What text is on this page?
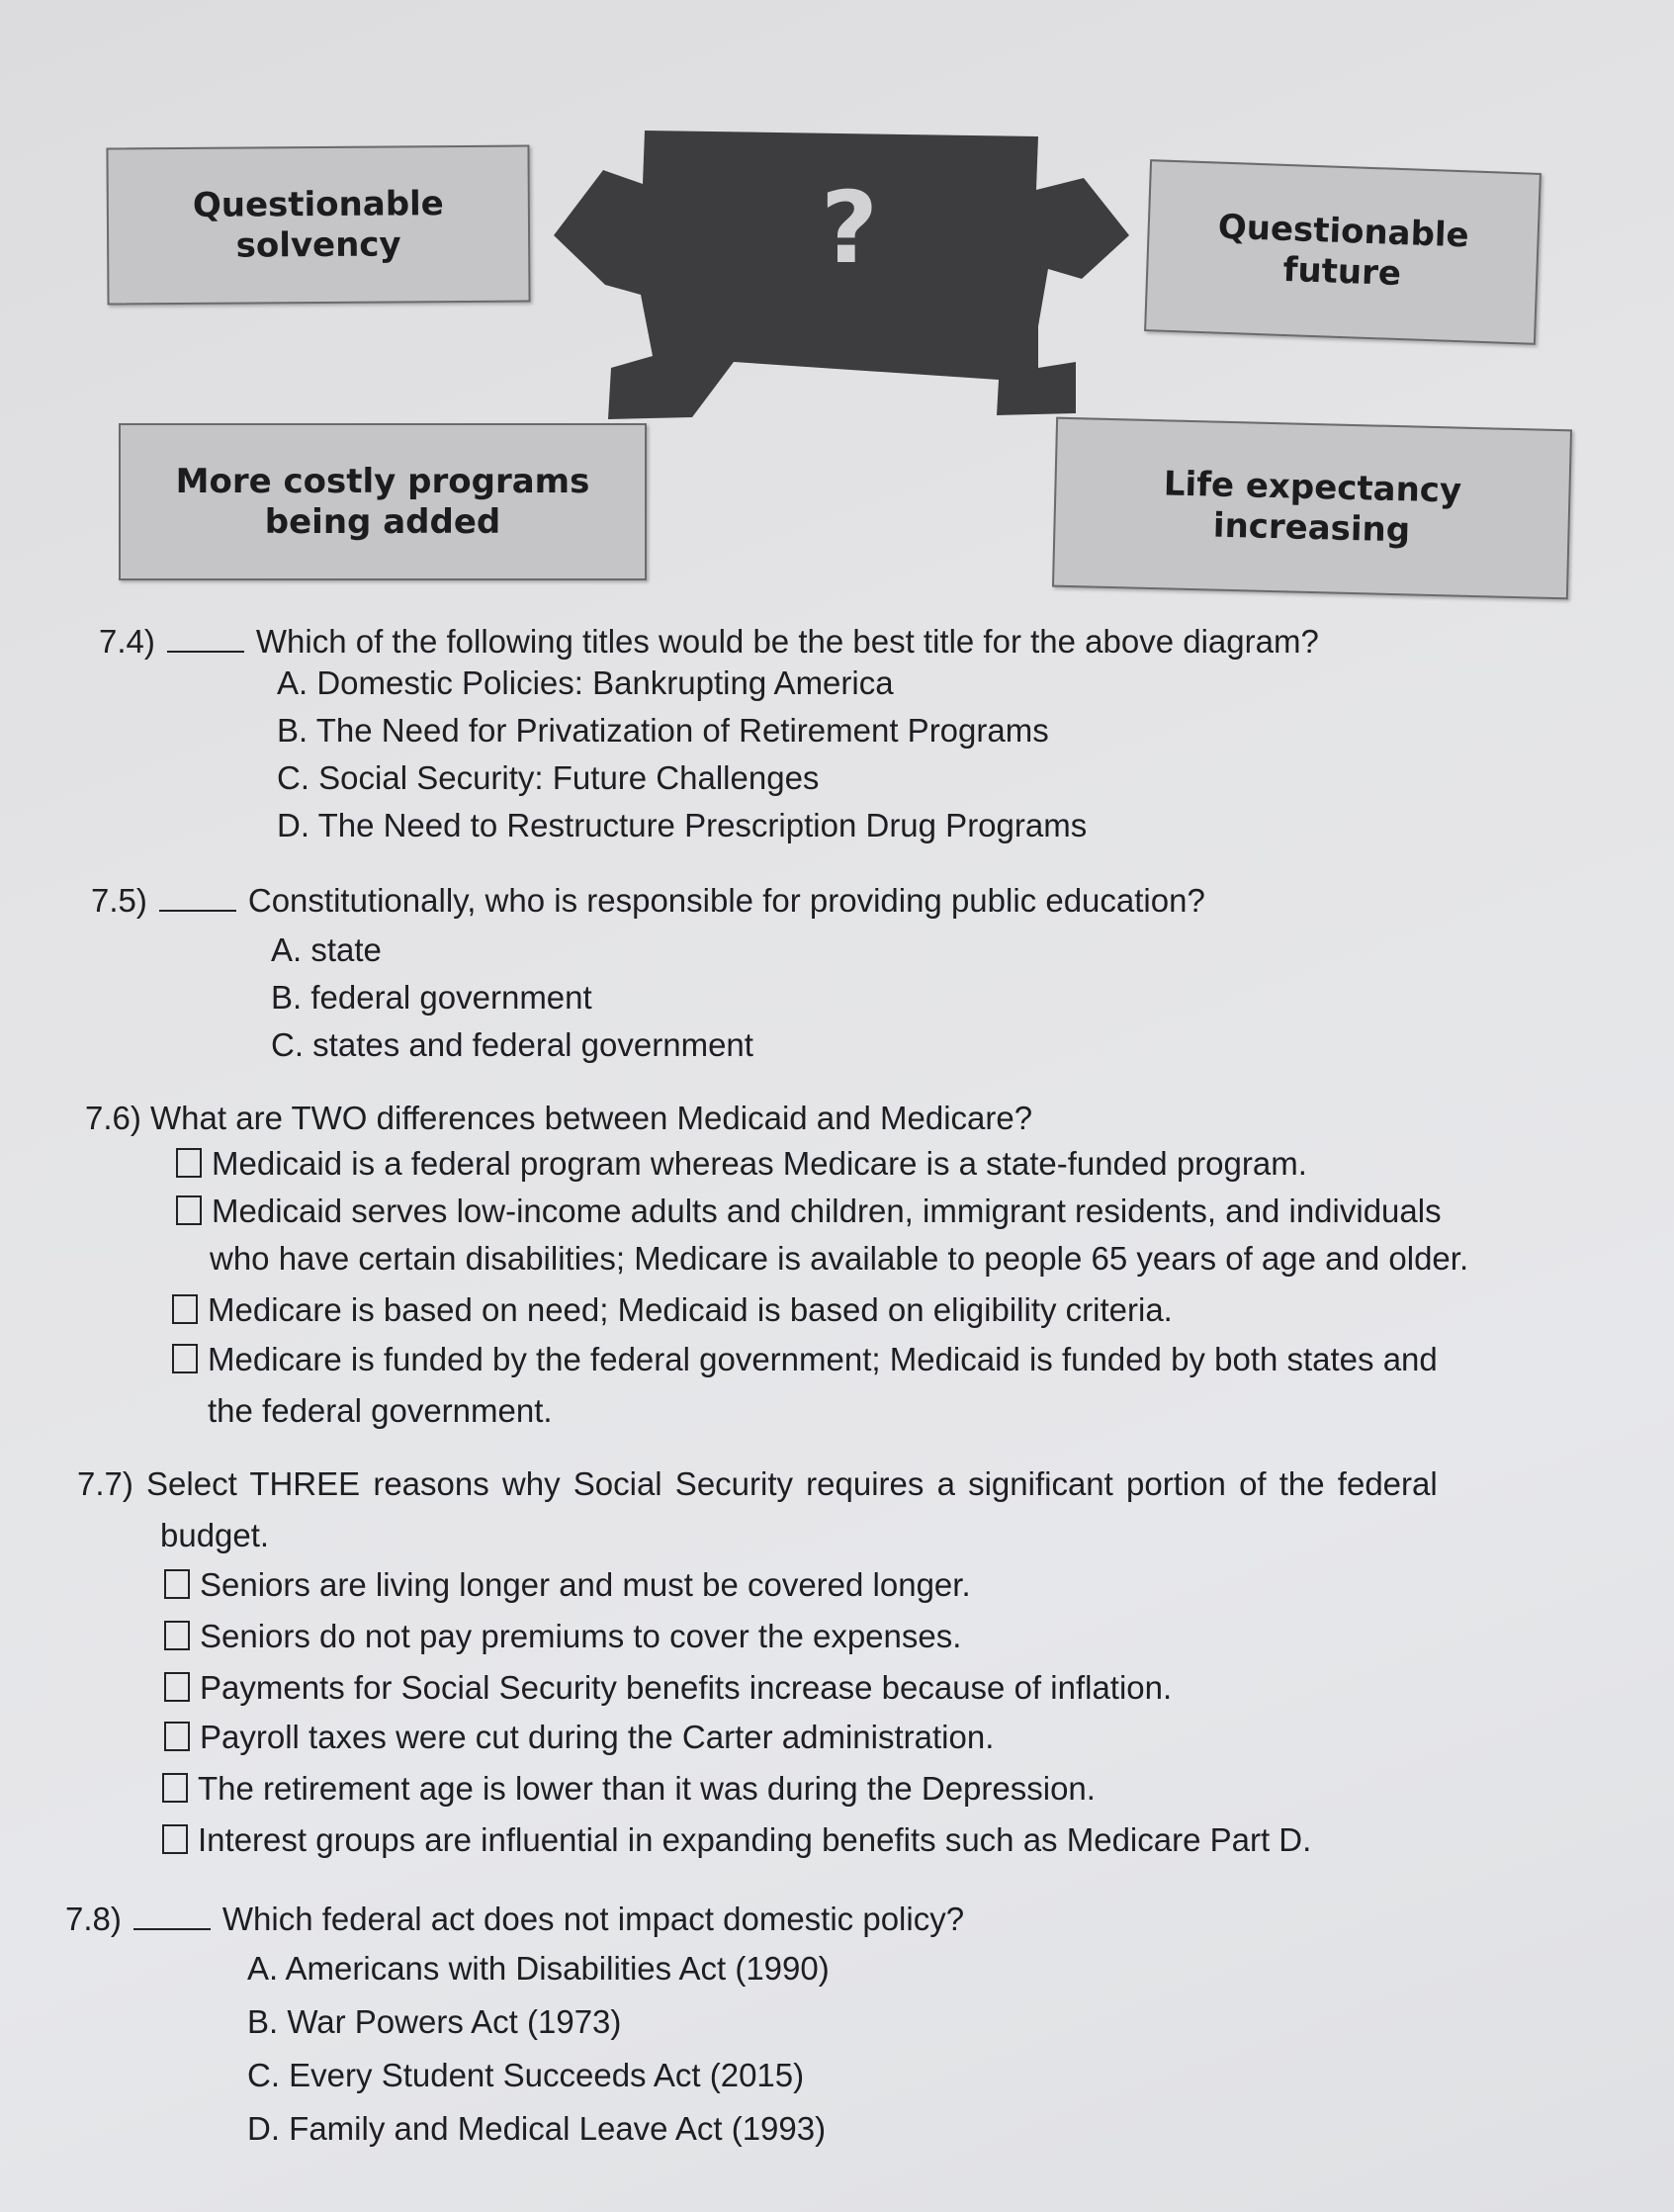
?
Questionable
solvency	Questionable
future
More costly programs
being added
Life expectancy
increasing
7.4)	Which of the following titles would be the best title for the above diagram?
A. Domestic Policies: Bankrupting America
B. The Need for Privatization of Retirement Programs
C. Social Security: Future Challenges
D. The Need to Restructure Prescription Drug Programs
7.5)	Constitutionally, who is responsible for providing public education?
A. state
B. federal government
C. states and federal government
7.6) What are TWO differences between Medicaid and Medicare?
Medicaid is a federal program whereas Medicare is a state-funded program.
Medicaid serves low-income adults and children, immigrant residents, and individuals
who have certain disabilities; Medicare is available to people 65 years of age and older.
Medicare is based on need; Medicaid is based on eligibility criteria.
Medicare is funded by the federal government; Medicaid is funded by both states and
the federal government.
7.7) Select THREE reasons why Social Security requires a significant portion of the federal
budget.
Seniors are living longer and must be covered longer.
Seniors do not pay premiums to cover the expenses.
Payments for Social Security benefits increase because of inflation.
Payroll taxes were cut during the Carter administration.
The retirement age is lower than it was during the Depression.
Interest groups are influential in expanding benefits such as Medicare Part D.
7.8)	Which federal act does not impact domestic policy?
A. Americans with Disabilities Act (1990)
B. War Powers Act (1973)
C. Every Student Succeeds Act (2015)
D. Family and Medical Leave Act (1993)
